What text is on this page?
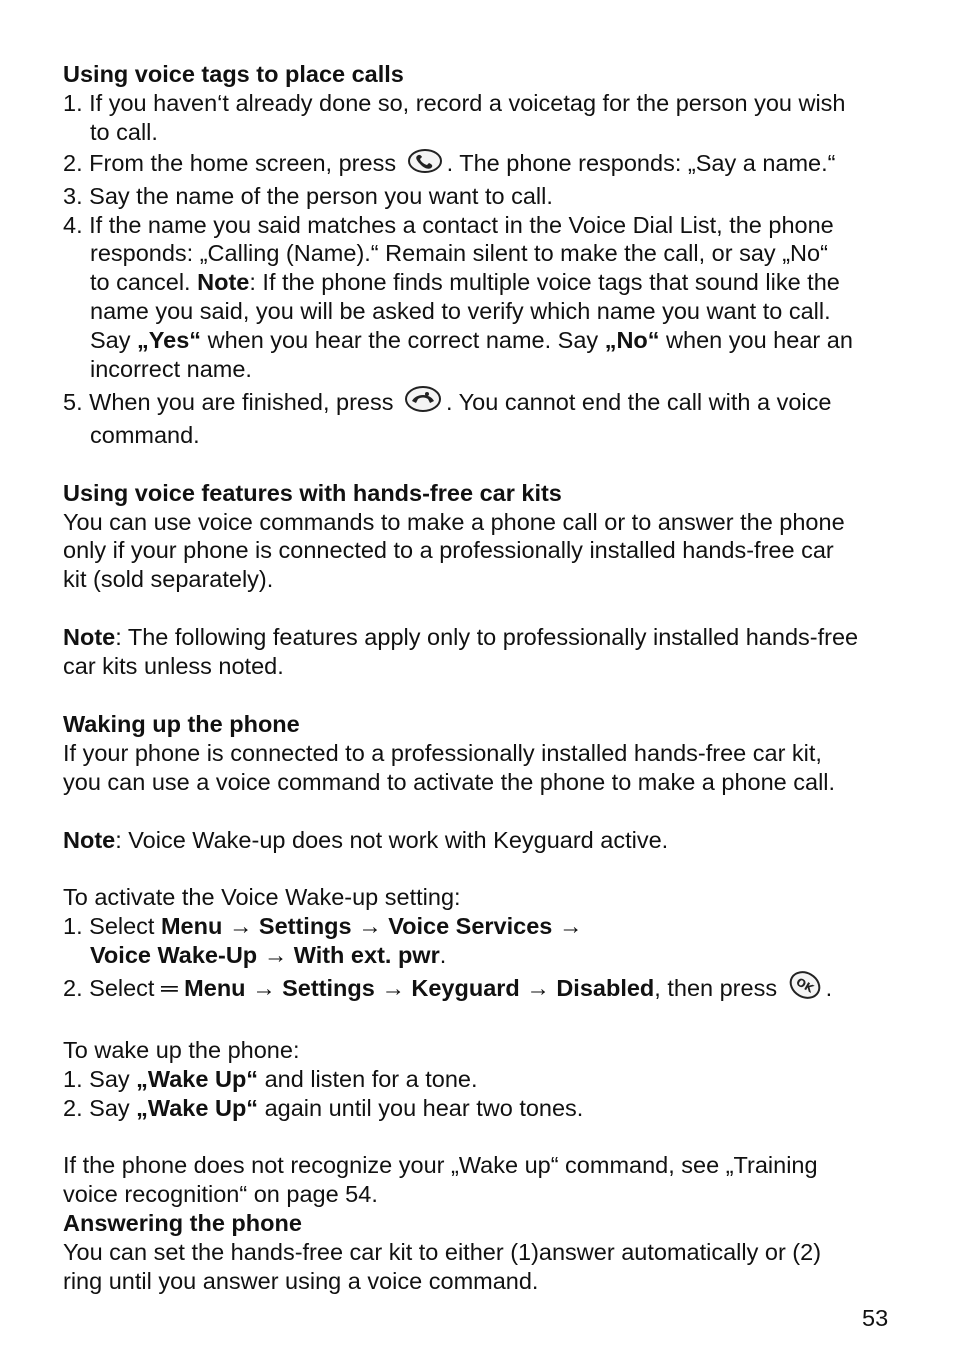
Using voice tags to place calls
1. If you haven‘t already done so, record a voicetag for the person you wish
to call.
2. From the home screen, press . The phone responds: „Say a name.“
3. Say the name of the person you want to call.
4. If the name you said matches a contact in the Voice Dial List, the phone
responds: „Calling (Name).“ Remain silent to make the call, or say „No“
to cancel. Note: If the phone finds multiple voice tags that sound like the
name you said, you will be asked to verify which name you want to call.
Say „Yes“ when you hear the correct name. Say „No“ when you hear an
incorrect name.
5. When you are finished, press . You cannot end the call with a voice
command.
Using voice features with hands-free car kits
You can use voice commands to make a phone call or to answer the phone
only if your phone is connected to a professionally installed hands-free car
kit (sold separately).
Note: The following features apply only to professionally installed hands-free
car kits unless noted.
Waking up the phone
If your phone is connected to a professionally installed hands-free car kit,
you can use a voice command to activate the phone to make a phone call.
Note: Voice Wake-up does not work with Keyguard active.
To activate the Voice Wake-up setting:
1. Select Menu → Settings → Voice Services →
Voice Wake-Up → With ext. pwr.
2. Select ═ Menu → Settings → Keyguard → Disabled, then press OK .
To wake up the phone:
1. Say „Wake Up“ and listen for a tone.
2. Say „Wake Up“ again until you hear two tones.
If the phone does not recognize your „Wake up“ command, see „Training
voice recognition“ on page 54.
Answering the phone
You can set the hands-free car kit to either (1)answer automatically or (2)
ring until you answer using a voice command.
53
